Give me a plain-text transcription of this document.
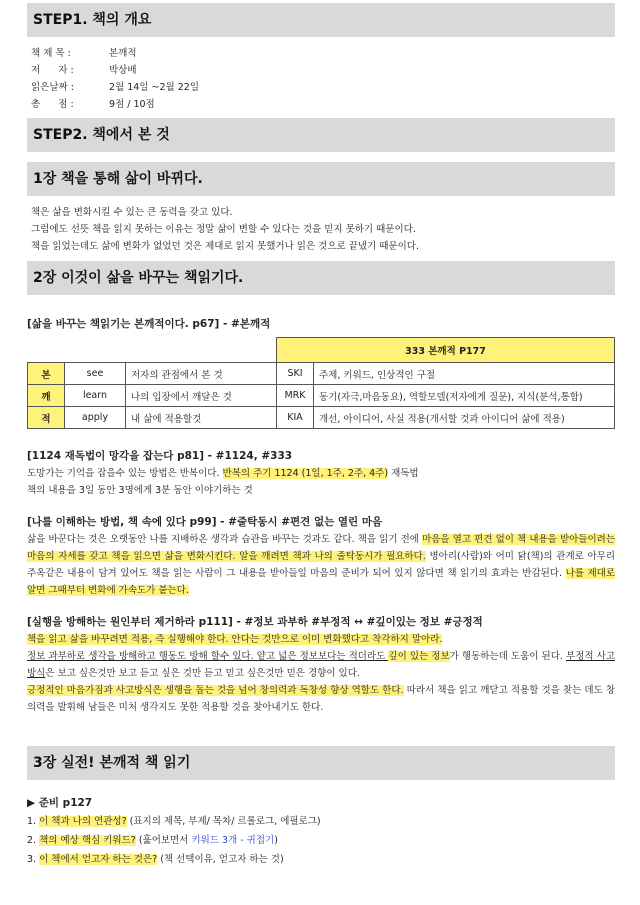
STEP1. 책의 개요
책 제 목 :	본깨적
저      자 :	박상배
읽은날짜 :	2월 14일 ~2월 22일
총      점 :	9점 / 10점
STEP2. 책에서 본 것
1장 책을 통해 삶이 바뀌다.
책은 삶을 변화시킬 수 있는 큰 동력을 갖고 있다.
그럼에도 선뜻 책을 읽지 못하는 이유는 정말 삶이 변할 수 있다는 것을 믿지 못하기 때문이다.
책을 읽었는데도 삶에 변화가 없었던 것은 제대로 읽지 못했거나 읽은 것으로 끝냈기 때문이다.
2장 이것이 삶을 바꾸는 책읽기다.
[삶을 바꾸는 책읽기는 본깨적이다. p67] - #본깨적
			333 본깨적 P177	
본	see	저자의 관점에서 본 것	SKI	주제, 키워드, 인상적인 구절
깨	learn	나의 입장에서 깨달은 것	MRK	동기(자극,마음동요), 역할모델(저자에게 질문), 지식(분석,통합)
적	apply	내 삶에 적용할것	KIA	개선, 아이디어, 사실 적용(개서할 것과 아이디어 삶에 적용)
[1124 재독법이 망각을 잡는다 p81] - #1124, #333
도망가는 기억을 잡을수 있는 방법은 반복이다. 반복의 주기 1124 (1일, 1주, 2주, 4주) 재독법
책의 내용을 3일 동안 3명에게 3분 동안 이야기하는 것
[나를 이해하는 방법, 책 속에 있다 p99] - #줄탁동시 #편견 없는 열린 마음
삶을 바꾼다는 것은 오랫동안 나를 지배하온 생각과 습관을 바꾸는 것과도 같다. 책을 읽기 전에 마음을 열고 편견 없이 책 내용을 받아들이려는 마음의 자세를 갖고 책을 읽으면 삶을 변화시킨다. 알을 깨려면 책과 나의 줄탁동시가 필요하다. 병아리(사람)와 어미 닭(책)의 관계로 아무리 주옥같은 내용이 담겨 있어도 책을 읽는 사람이 그 내용을 받아들일 마음의 준비가 되어 있지 않다면 책 읽기의 효과는 반감된다. 나를 제대로 알면 그때부터 변화에 가속도가 붙는다.
[실행을 방해하는 원인부터 제거하라 p111] - #정보 과부하 #부정적 ↔ #깊이있는 정보 #긍정적
책을 읽고 삶을 바꾸려면 적용, 즉 실행해야 한다. 안다는 것만으로 이미 변화했다고 착각하지 말아라.
정보 과부하로 생각을 방해하고 행동도 방해 할수 있다. 얕고 넓은 정보보다는 적더라도 깊이 있는 정보가 행동하는데 도움이 된다. 부정적 사고방식은 보고 싶은것만 보고 듣고 싶은 것만 듣고 믿고 싶은것만 믿은 경향이 있다.
긍정적인 마음가짐과 사고방식은 생행을 돕는 것을 넘어 창의력과 독창성 향상 역할도 한다. 따라서 책을 읽고 깨닫고 적용할 것을 찾는 데도 창의력을 발휘해 남들은 미처 생각지도 못한 적용할 것을 찾아내기도 한다.
3장 실전! 본깨적 책 읽기
▶ 준비 p127
1. 이 책과 나의 연관성? (표지의 제목, 부제/ 목차/ 르롤로그, 에필로그)
2. 책의 예상 핵심 키워드? (훑어보면서 키워드 3개 - 귀접기)
3. 이 책에서 얻고자 하는 것은? (책 선택이유, 얻고자 하는 것)
